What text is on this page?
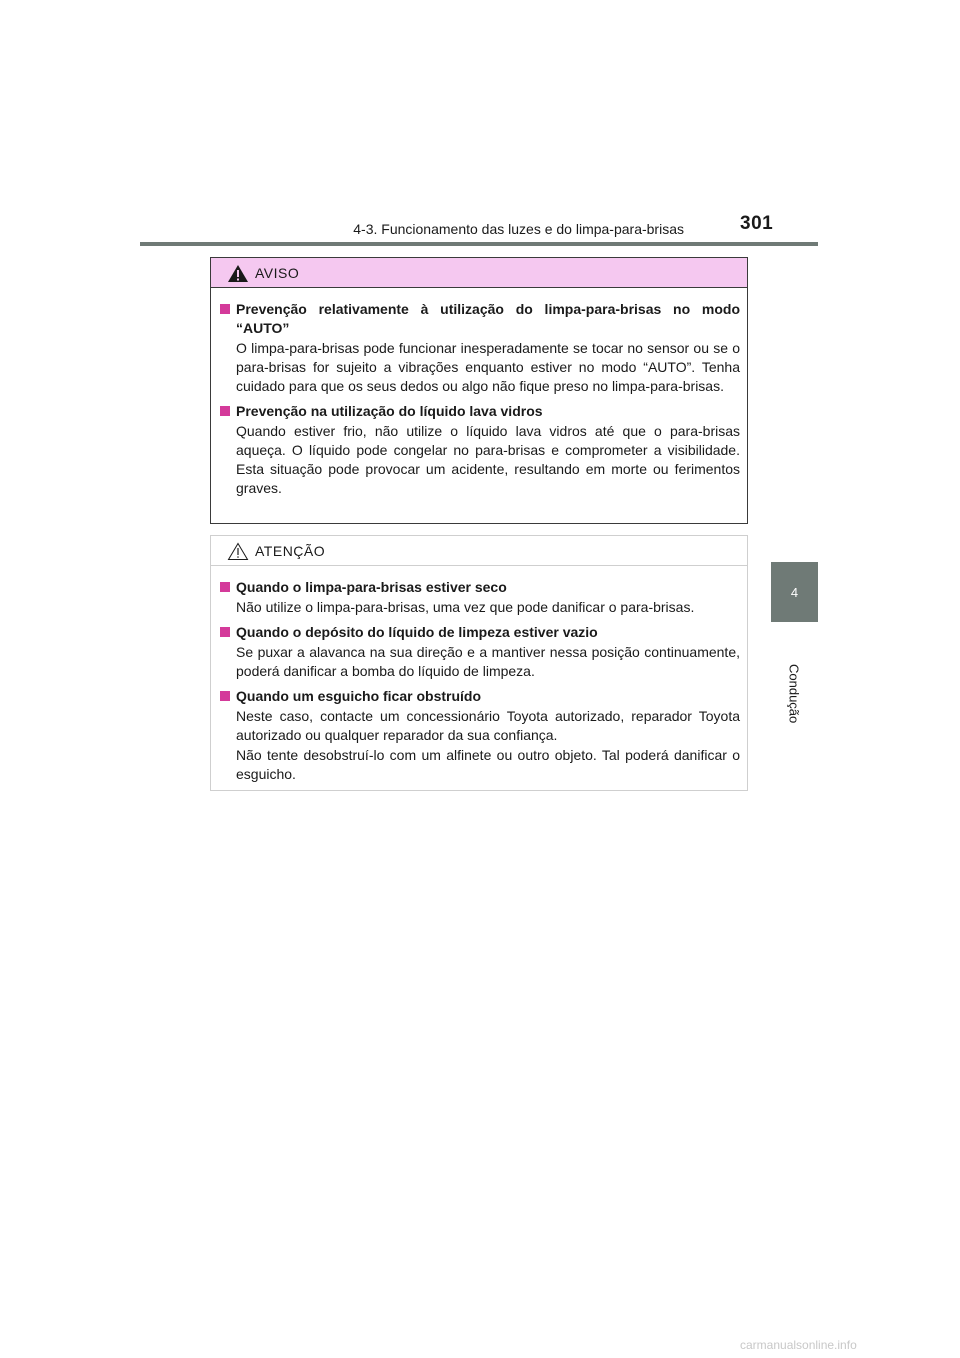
4-3. Funcionamento das luzes e do limpa-para-brisas	301
4
Condução
AVISO
Prevenção relativamente à utilização do limpa-para-brisas no modo “AUTO”
O limpa-para-brisas pode funcionar inesperadamente se tocar no sensor ou se o para-brisas for sujeito a vibrações enquanto estiver no modo “AUTO”. Tenha cuidado para que os seus dedos ou algo não fique preso no limpa-para-brisas.
Prevenção na utilização do líquido lava vidros
Quando estiver frio, não utilize o líquido lava vidros até que o para-brisas aqueça. O líquido pode congelar no para-brisas e comprometer a visibilidade. Esta situação pode provocar um acidente, resultando em morte ou ferimentos graves.
ATENÇÃO
Quando o limpa-para-brisas estiver seco
Não utilize o limpa-para-brisas, uma vez que pode danificar o para-brisas.
Quando o depósito do líquido de limpeza estiver vazio
Se puxar a alavanca na sua direção e a mantiver nessa posição continuamente, poderá danificar a bomba do líquido de limpeza.
Quando um esguicho ficar obstruído
Neste caso, contacte um concessionário Toyota autorizado, reparador Toyota autorizado ou qualquer reparador da sua confiança.
Não tente desobstruí-lo com um alfinete ou outro objeto. Tal poderá danificar o esguicho.
carmanualsonline.info
